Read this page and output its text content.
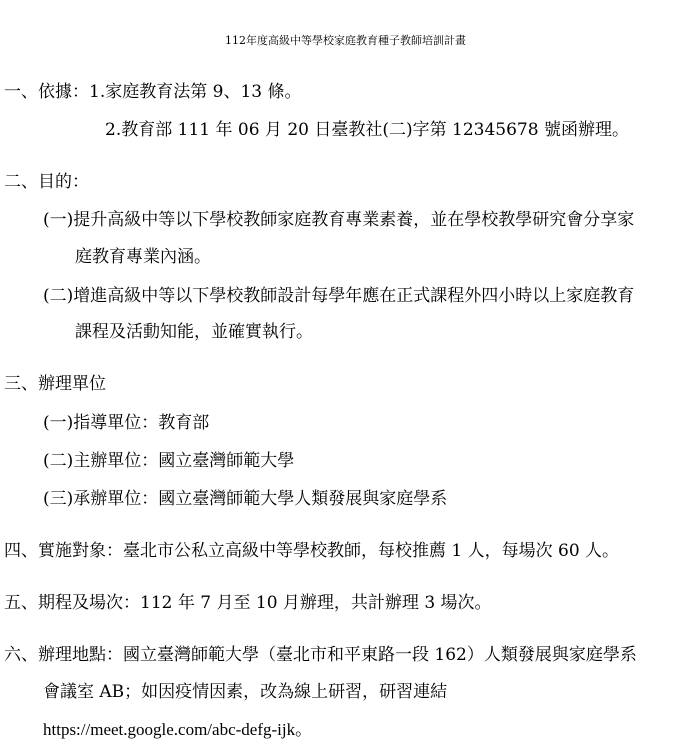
112年度高級中等學校家庭教育種子教師培訓計畫
一、依據：1.家庭教育法第 9、13 條。
2.教育部 111 年 06 月 20 日臺教社(二)字第 12345678 號函辦理。
二、目的：
(一)提升高級中等以下學校教師家庭教育專業素養，並在學校教學研究會分享家
庭教育專業內涵。
(二)增進高級中等以下學校教師設計每學年應在正式課程外四小時以上家庭教育
課程及活動知能，並確實執行。
三、辦理單位
(一)指導單位：教育部
(二)主辦單位：國立臺灣師範大學
(三)承辦單位：國立臺灣師範大學人類發展與家庭學系
四、實施對象：臺北市公私立高級中等學校教師，每校推薦 1 人，每場次 60 人。
五、期程及場次：112 年 7 月至 10 月辦理，共計辦理 3 場次。
六、辦理地點：國立臺灣師範大學（臺北市和平東路一段 162）人類發展與家庭學系
會議室 AB；如因疫情因素，改為線上研習，研習連結
https://meet.google.com/abc-defg-ijk。
